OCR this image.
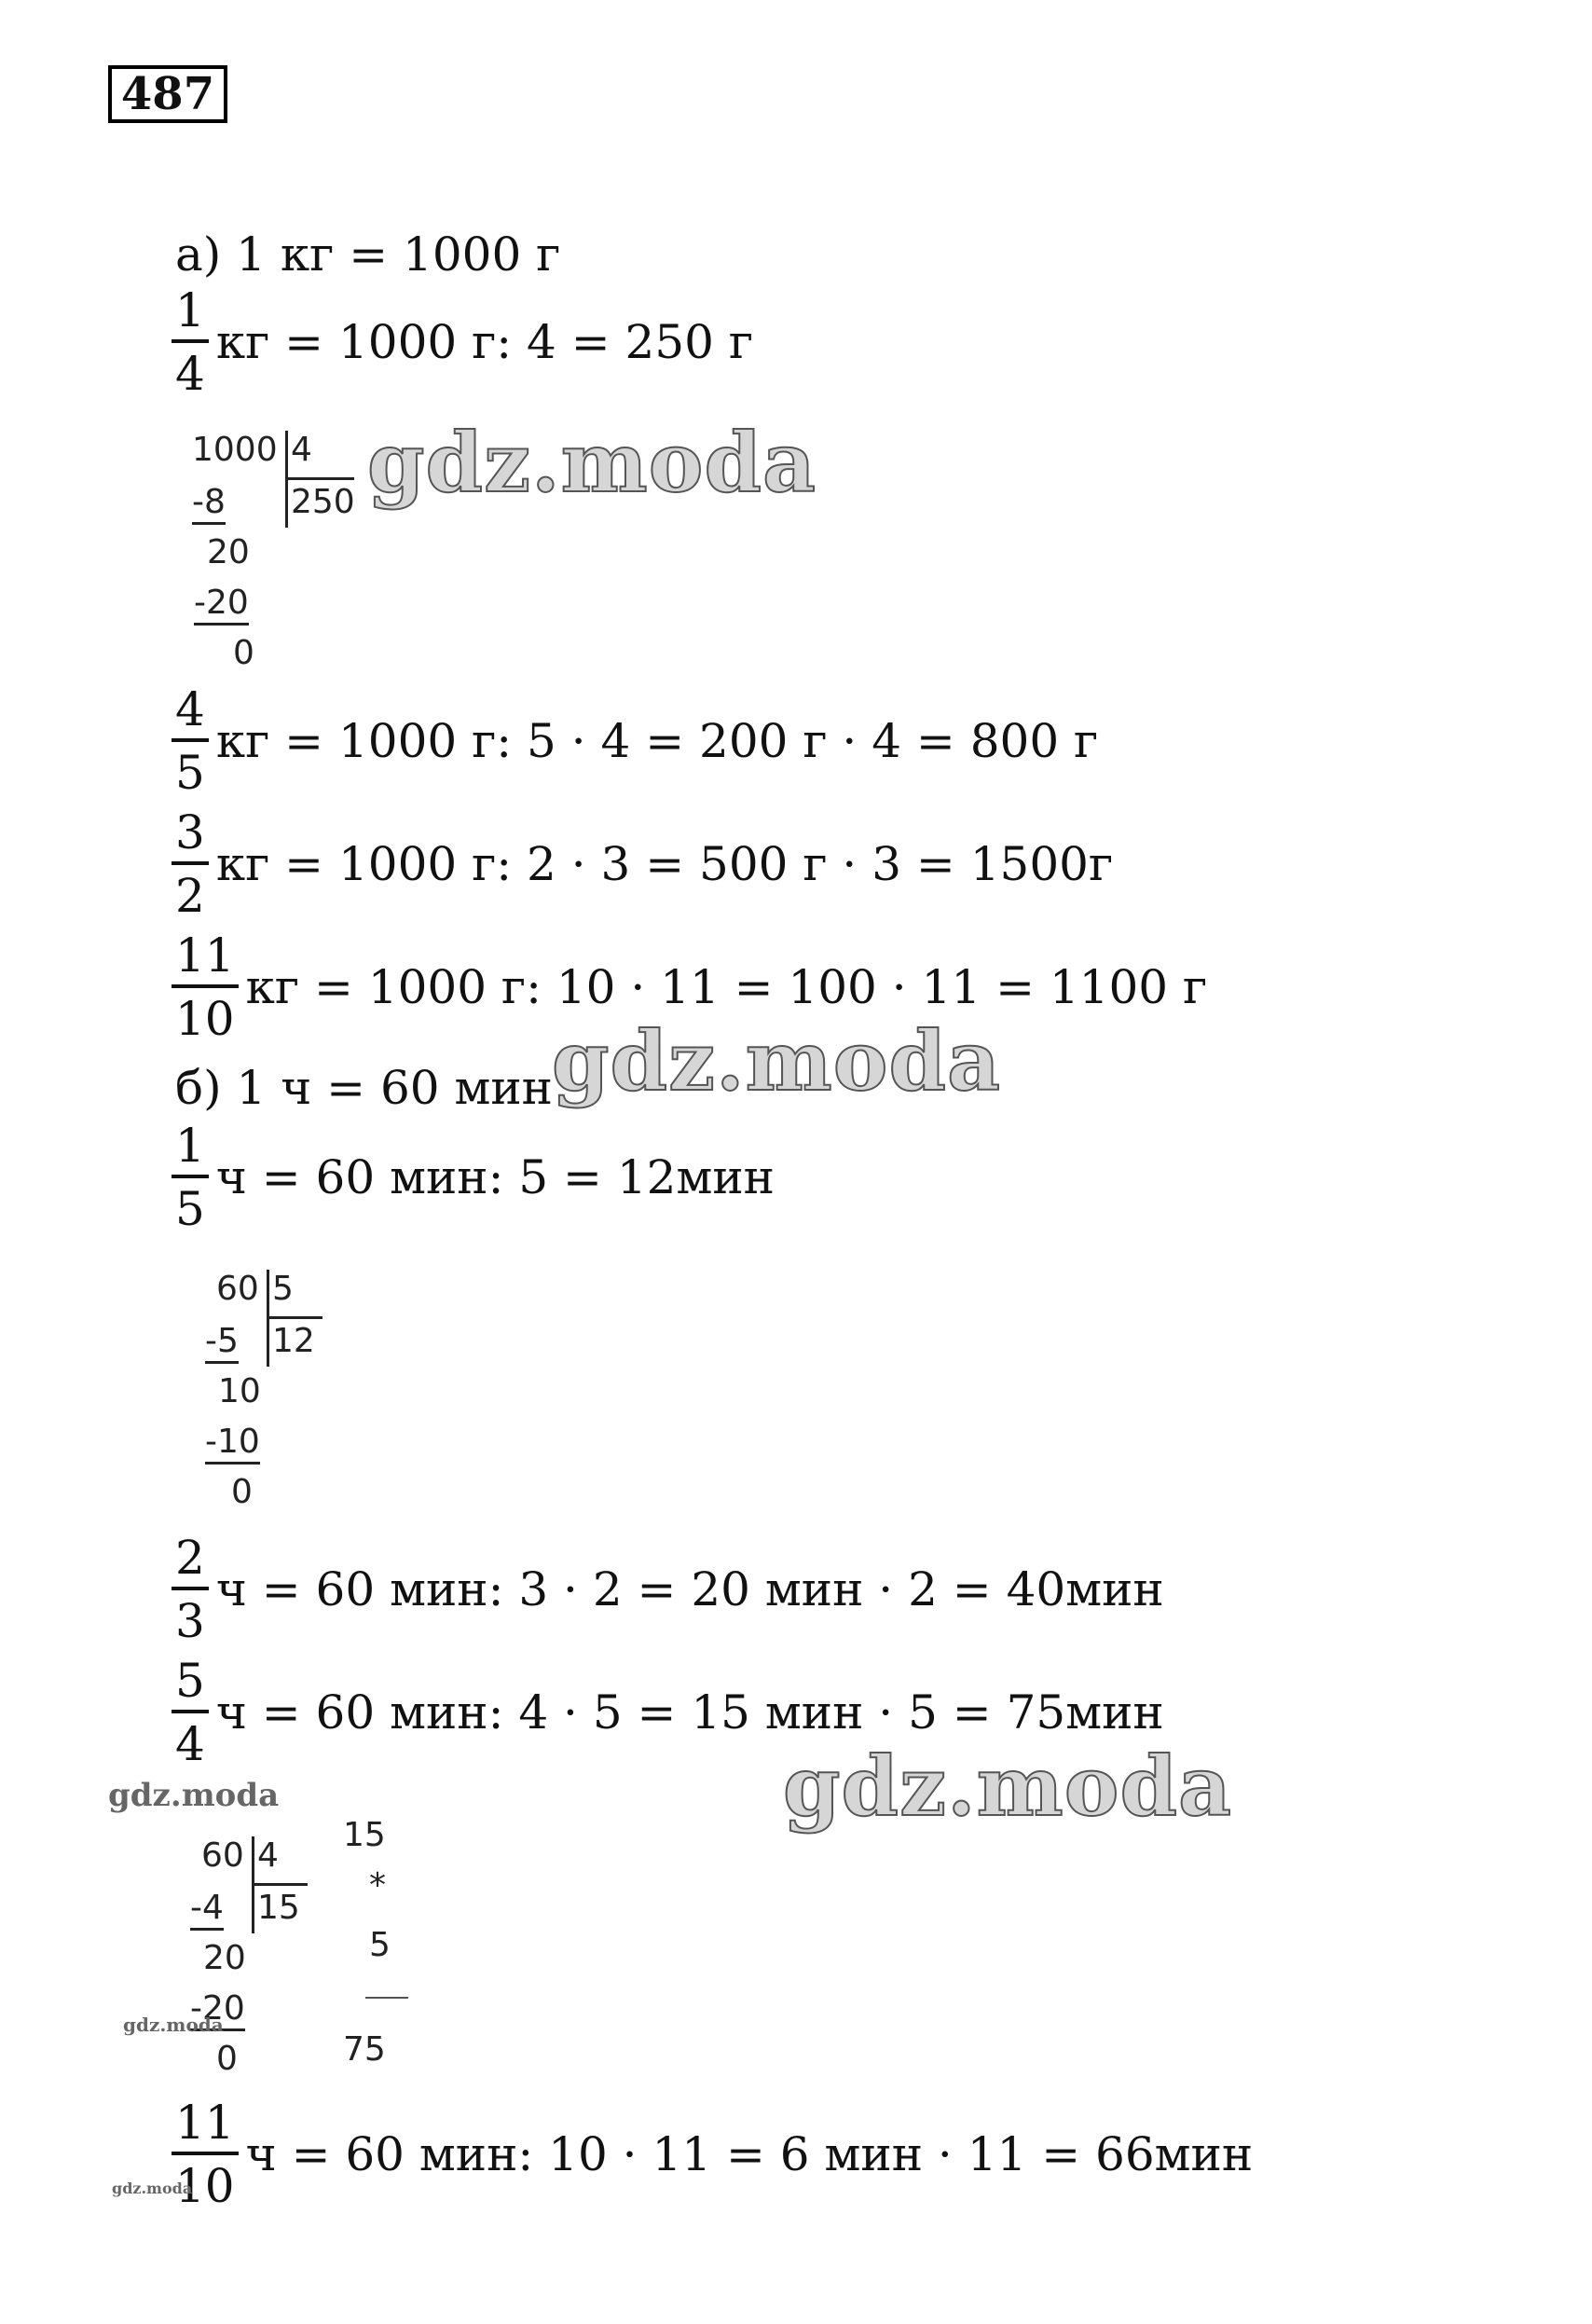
487
а) 1 кг = 1000 г
$\frac{1}{4}$ кг = 1000 г: 4 = 250 г
1000 4
250
-8
20
-20
0
$\frac{4}{5}$ кг = 1000 г: 5 · 4 = 200 г · 4 = 800 г
$\frac{3}{2}$ кг = 1000 г: 2 · 3 = 500 г · 3 = 1500г
$\frac{11}{10}$ кг = 1000 г: 10 · 11 = 100 · 11 = 1100 г
б) 1 ч = 60 мин
$\frac{1}{5}$ ч = 60 мин: 5 = 12мин
60 5
12
-5
10
-10
0
$\frac{2}{3}$ ч = 60 мин: 3 · 2 = 20 мин · 2 = 40мин
$\frac{5}{4}$ ч = 60 мин: 4 · 5 = 15 мин · 5 = 75мин
60 4
15
-4
20
-20
0
15
*
5
75
$\frac{11}{10}$ ч = 60 мин: 10 · 11 = 6 мин · 11 = 66мин
gdz.moda
gdz.moda
gdz.moda
gdz.moda
gdz.moda
gdz.moda
